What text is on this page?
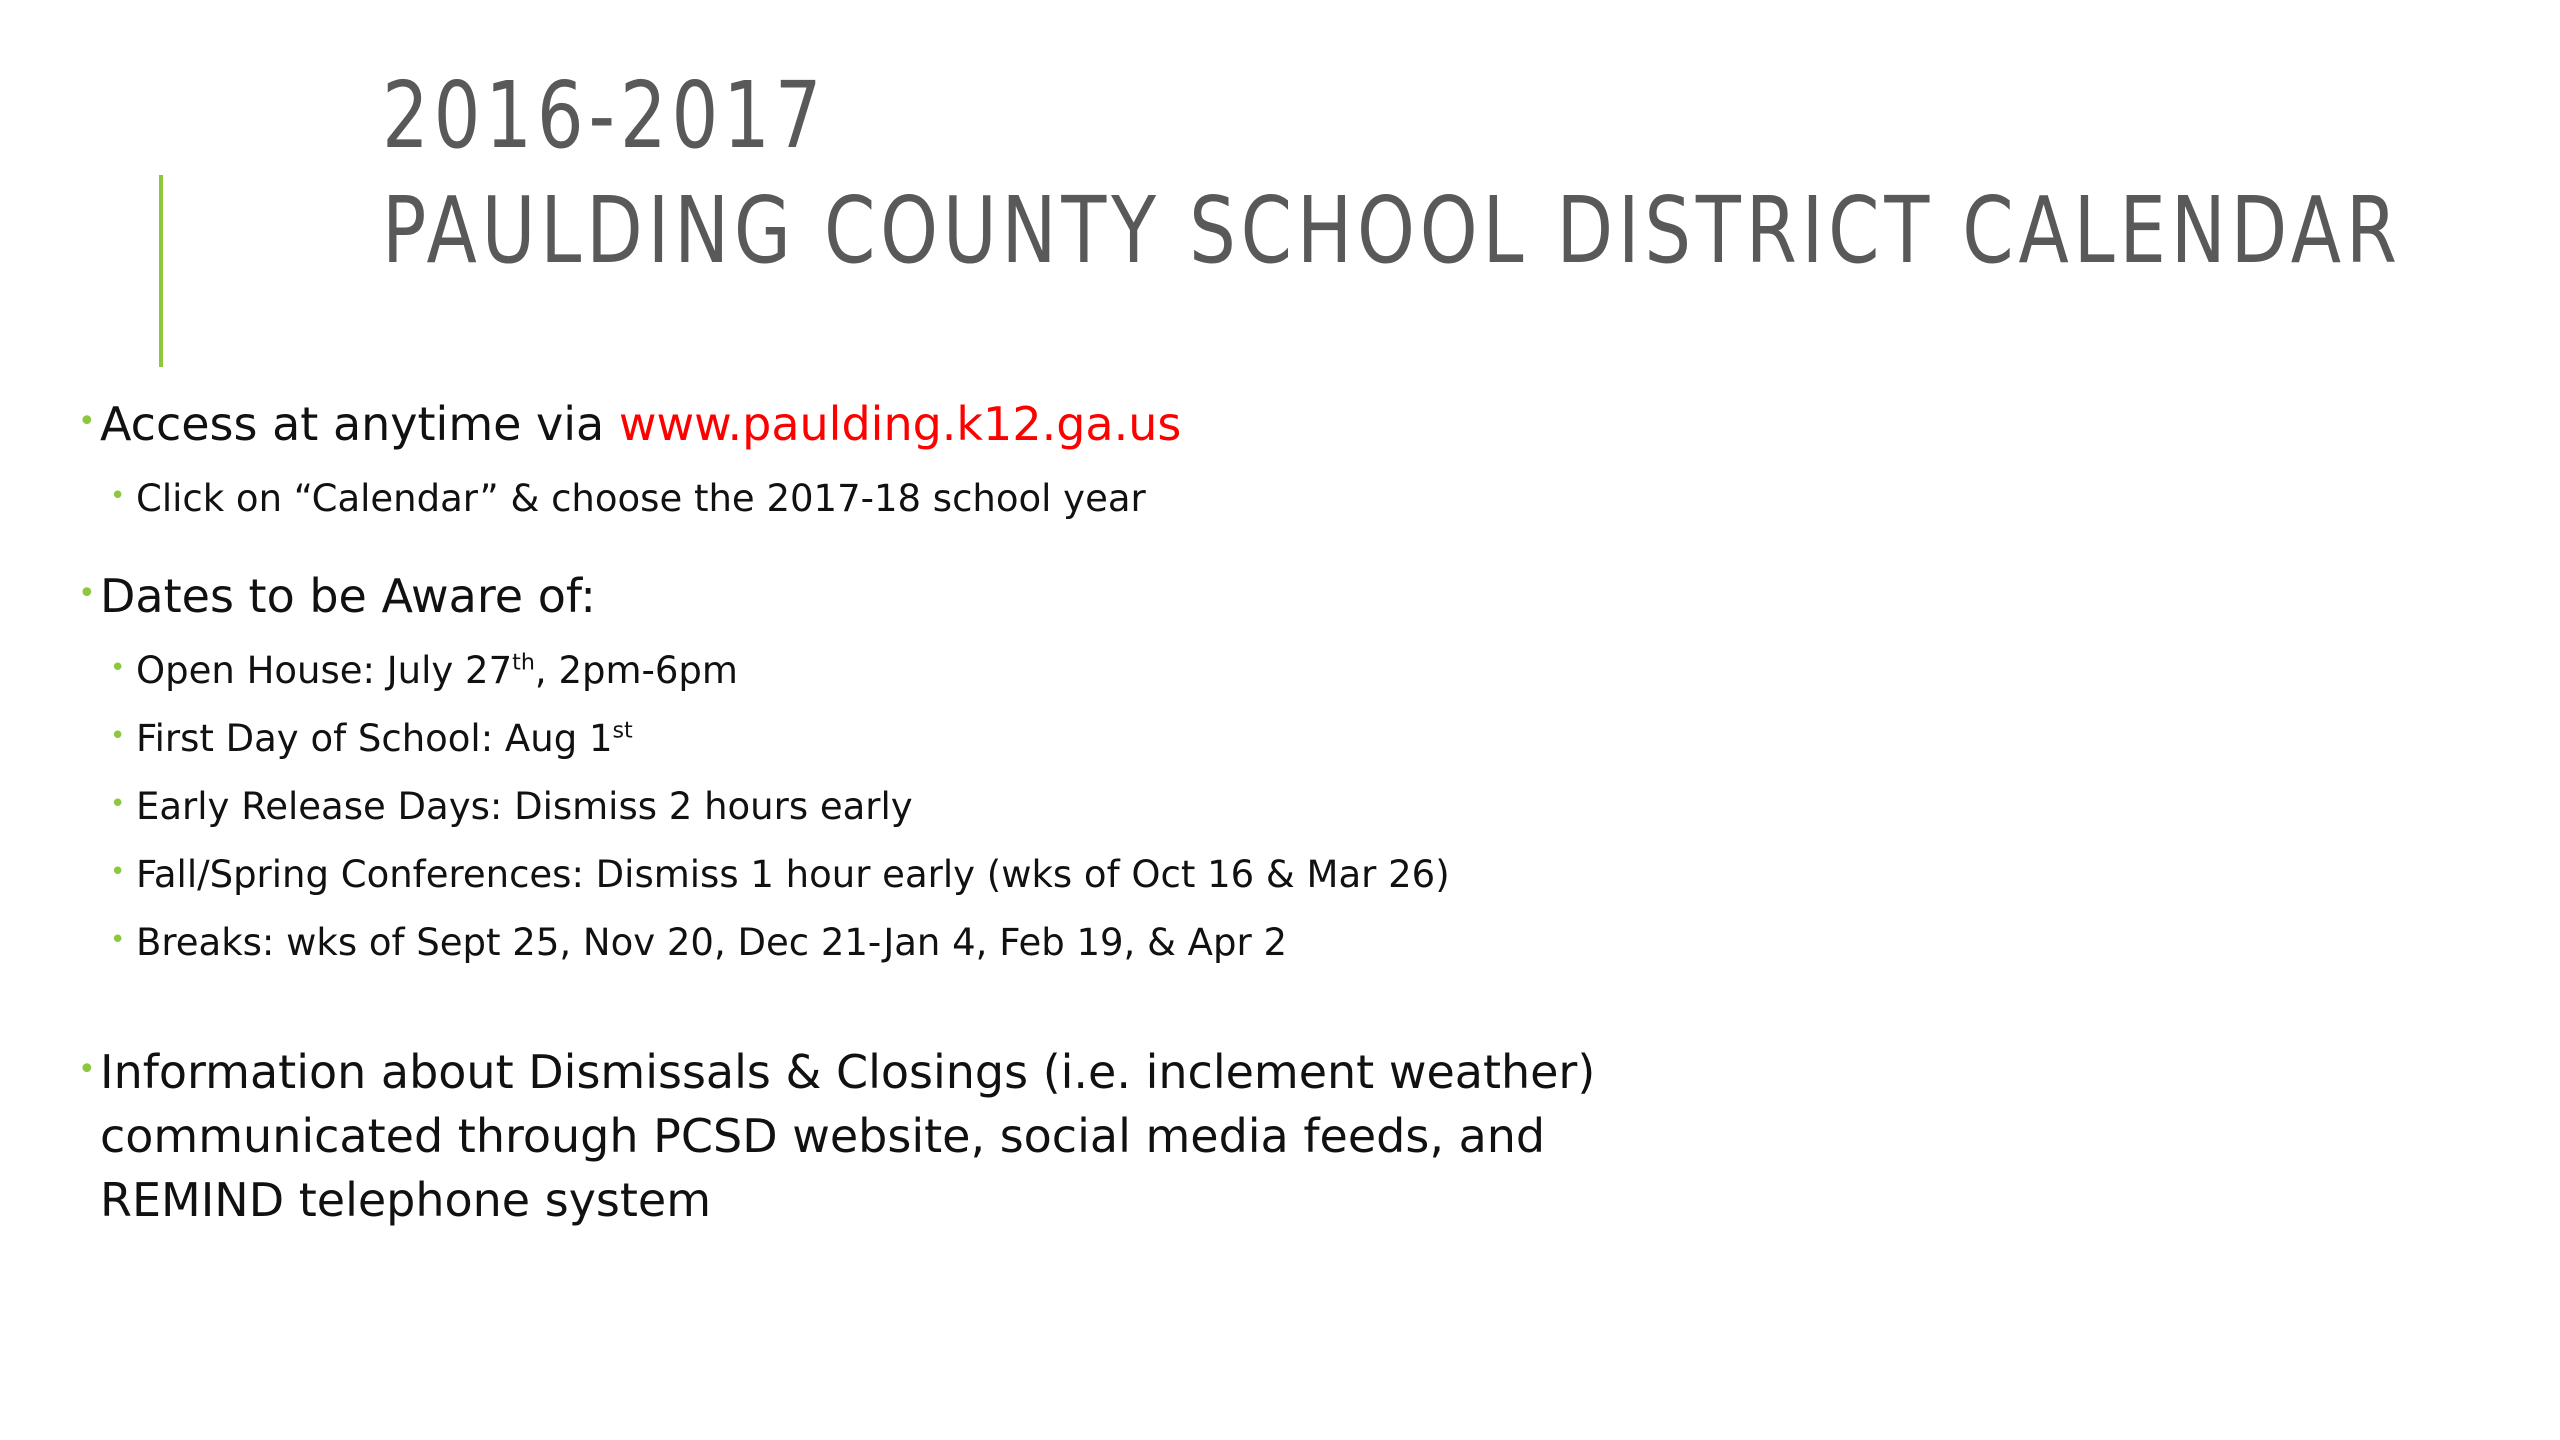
2016-2017
PAULDING COUNTY SCHOOL DISTRICT CALENDAR
• Access at anytime via www.paulding.k12.ga.us
• Click on “Calendar” & choose the 2017-18 school year
• Dates to be Aware of:
• Open House: July 27th, 2pm-6pm
• First Day of School: Aug 1st
• Early Release Days: Dismiss 2 hours early
• Fall/Spring Conferences: Dismiss 1 hour early (wks of Oct 16 & Mar 26)
• Breaks: wks of Sept 25, Nov 20, Dec 21-Jan 4, Feb 19, & Apr 2
• Information about Dismissals & Closings (i.e. inclement weather)
communicated through PCSD website, social media feeds, and
REMIND telephone system
